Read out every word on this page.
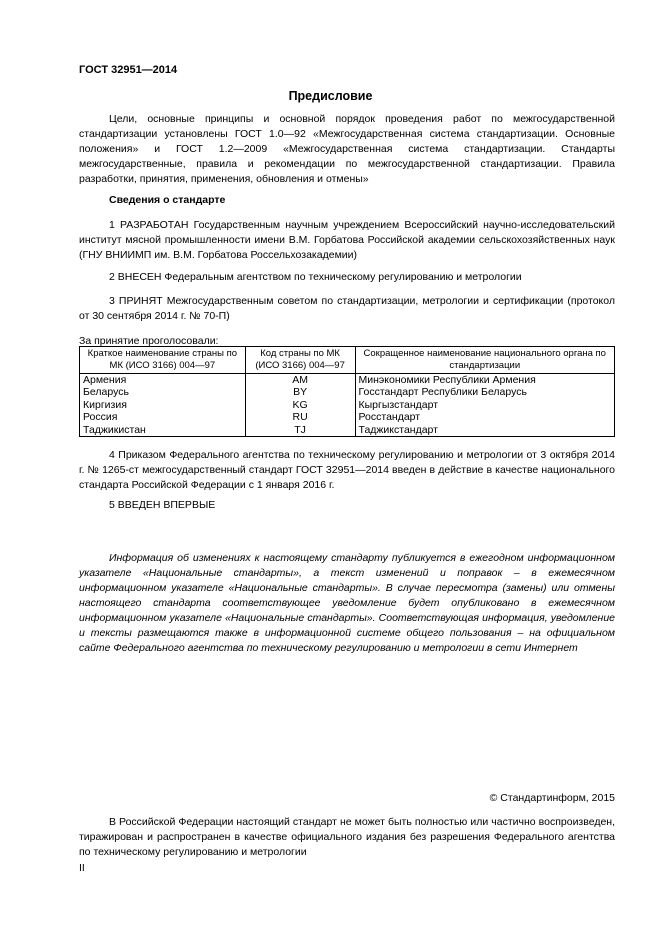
ГОСТ 32951—2014
Предисловие

Цели, основные принципы и основной порядок проведения работ по межгосударственной стандартизации установлены ГОСТ 1.0—92 «Межгосударственная система стандартизации. Основные положения» и ГОСТ 1.2—2009 «Межгосударственная система стандартизации. Стандарты межгосударственные, правила и рекомендации по межгосударственной стандартизации. Правила разработки, принятия, применения, обновления и отмены»

Сведения о стандарте

1 РАЗРАБОТАН Государственным научным учреждением Всероссийский научно-исследовательский институт мясной промышленности имени В.М. Горбатова Российской академии сельскохозяйственных наук (ГНУ ВНИИМП им. В.М. Горбатова Россельхозакадемии)

2 ВНЕСЕН Федеральным агентством по техническому регулированию и метрологии

3 ПРИНЯТ Межгосударственным советом по стандартизации, метрологии и сертификации (протокол от 30 сентября 2014 г. № 70-П)

За принятие проголосовали:
Краткое наименование страны по МК (ИСО 3166) 004—97	Код страны по МК (ИСО 3166) 004—97	Сокращенное наименование национального органа по стандартизации
Армения	AM	Минэкономики Республики Армения
Беларусь	BY	Госстандарт Республики Беларусь
Киргизия	KG	Кыргызстандарт
Россия	RU	Росстандарт
Таджикистан	TJ	Таджикстандарт

4 Приказом Федерального агентства по техническому регулированию и метрологии от 3 октября 2014 г. № 1265-ст межгосударственный стандарт ГОСТ 32951—2014 введен в действие в качестве национального стандарта Российской Федерации с 1 января 2016 г.

5 ВВЕДЕН ВПЕРВЫЕ

Информация об изменениях к настоящему стандарту публикуется в ежегодном информационном указателе «Национальные стандарты», а текст изменений и поправок – в ежемесячном информационном указателе «Национальные стандарты». В случае пересмотра (замены) или отмены настоящего стандарта соответствующее уведомление будет опубликовано в ежемесячном информационном указателе «Национальные стандарты». Соответствующая информация, уведомление и тексты размещаются также в информационной системе общего пользования – на официальном сайте Федерального агентства по техническому регулированию и метрологии в сети Интернет

© Стандартинформ, 2015

В Российской Федерации настоящий стандарт не может быть полностью или частично воспроизведен, тиражирован и распространен в качестве официального издания без разрешения Федерального агентства по техническому регулированию и метрологии

II
